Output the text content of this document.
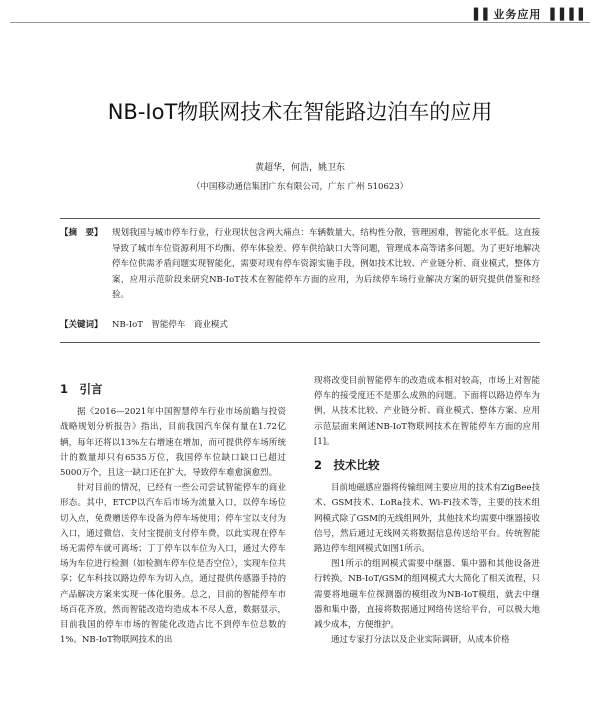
▐▐ 业务应用 ▐▐▐▐
NB-IoT物联网技术在智能路边泊车的应用
黄超华，何浩，姚卫东
（中国移动通信集团广东有限公司，广东 广州 510623）
【摘　要】 规划我国与城市停车行业，行业现状包含两大痛点：车辆数量大，结构性分散，管理困难，智能化水平低。这直接导致了城市车位资源利用不均衡、停车体验差、停车供给缺口大等问题，管理成本高等诸多问题。为了更好地解决停车位供需矛盾问题实现智能化，需要对现有停车资源实施手段，例如技术比较、产业链分析、商业模式，整体方案，应用示范阶段来研究NB-IoT技术在智能停车方面的应用，为后续停车场行业解决方案的研究提供借鉴和经验。
【关键词】 NB-IoT　智能停车　商业模式
1　引言

据《2016—2021年中国智慧停车行业市场前瞻与投资战略规划分析报告》指出，目前我国汽车保有量在1.72亿辆，每年还将以13%左右增速在增加，而可提供停车场所统计的数量却只有6535万位，我国停车位缺口缺口已超过5000万个，且这一缺口还在扩大，导致停车难愈演愈烈。

针对目前的情况，已经有一些公司尝试智能停车的商业形态。其中，ETCP以汽车后市场为流量入口，以停车场位切入点，免费赠送停车设备为停车场使用；停车宝以支付为入口，通过微信、支付宝提前支付停车费，以此实现在停车场无需停车就可离场；丁丁停车以车位为入口，通过大停车场为车位进行检测（如检测车停车位是否空位），实现车位共享；亿车科技以路边停车为切入点，通过提供传感器手持的产品解决方案来实现一体化服务。总之，目前的智能停车市场百花齐放，然而智能改造均造成本不尽人意，数据显示，目前我国的停车市场的智能化改造占比不到停车位总数的1%。NB-IoT物联网技术的出

现将改变目前智能停车的改造成本相对较高，市场上对智能停车的接受度还不是那么成熟的问题。下面将以路边停车为例，从技术比较、产业链分析、商业模式、整体方案、应用示范层面来阐述NB-IoT物联网技术在智能停车方面的应用[1]。

2　技术比较

目前地磁感应器将传输组网主要应用的技术有ZigBee技术、GSM技术、LoRa技术、Wi-Fi技术等，主要的技术组网模式除了GSM的无线组网外，其他技术均需要中继器接收信号，然后通过无线网关将数据信息传送给平台。传统智能路边停车组网模式如图1所示。

图1所示的组网模式需要中继器、集中器和其他设备进行转换，NB-IoT/GSM的组网模式大大简化了相关流程，只需要将地磁车位探测器的模组改为NB-IoT模组，就去中继器和集中器，直接将数据通过网络传送给平台，可以极大地减少成本，方便维护。

通过专家打分法以及企业实际调研，从成本价格
